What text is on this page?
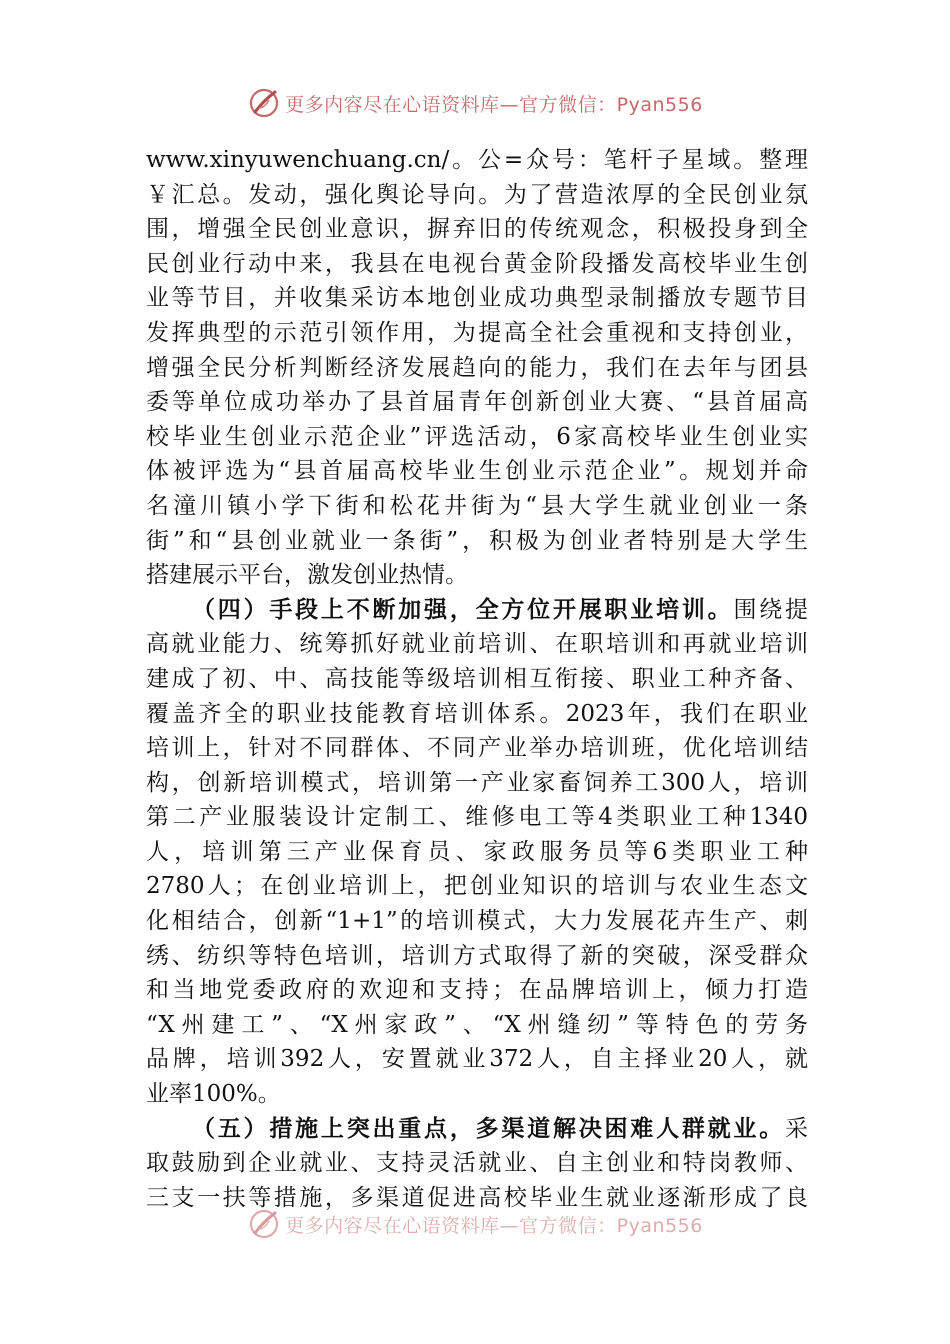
更多内容尽在心语资料库—官方微信：Pyan556
www.xinyuwenchuang.cn/。公=众号：笔杆子星域。整理
￥汇总。发动，强化舆论导向。为了营造浓厚的全民创业氛
围，增强全民创业意识，摒弃旧的传统观念，积极投身到全
民创业行动中来，我县在电视台黄金阶段播发高校毕业生创
业等节目，并收集采访本地创业成功典型录制播放专题节目
发挥典型的示范引领作用，为提高全社会重视和支持创业，
增强全民分析判断经济发展趋向的能力，我们在去年与团县
委等单位成功举办了县首届青年创新创业大赛、“县首届高
校毕业生创业示范企业”评选活动，6家高校毕业生创业实
体被评选为“县首届高校毕业生创业示范企业”。规划并命
名潼川镇小学下街和松花井街为“县大学生就业创业一条
街”和“县创业就业一条街”，积极为创业者特别是大学生
搭建展示平台，激发创业热情。
（四）手段上不断加强，全方位开展职业培训。围绕提
高就业能力、统筹抓好就业前培训、在职培训和再就业培训
建成了初、中、高技能等级培训相互衔接、职业工种齐备、
覆盖齐全的职业技能教育培训体系。2023年，我们在职业
培训上，针对不同群体、不同产业举办培训班，优化培训结
构，创新培训模式，培训第一产业家畜饲养工300人，培训
第二产业服装设计定制工、维修电工等4类职业工种1340
人，培训第三产业保育员、家政服务员等6类职业工种
2780人；在创业培训上，把创业知识的培训与农业生态文
化相结合，创新“1+1”的培训模式，大力发展花卉生产、刺
绣、纺织等特色培训，培训方式取得了新的突破，深受群众
和当地党委政府的欢迎和支持；在品牌培训上，倾力打造
“X州建工”、“X州家政”、“X州缝纫”等特色的劳务
品牌，培训392人，安置就业372人，自主择业20人，就
业率100%。
（五）措施上突出重点，多渠道解决困难人群就业。采
取鼓励到企业就业、支持灵活就业、自主创业和特岗教师、
三支一扶等措施，多渠道促进高校毕业生就业逐渐形成了良
更多内容尽在心语资料库—官方微信：Pyan556
